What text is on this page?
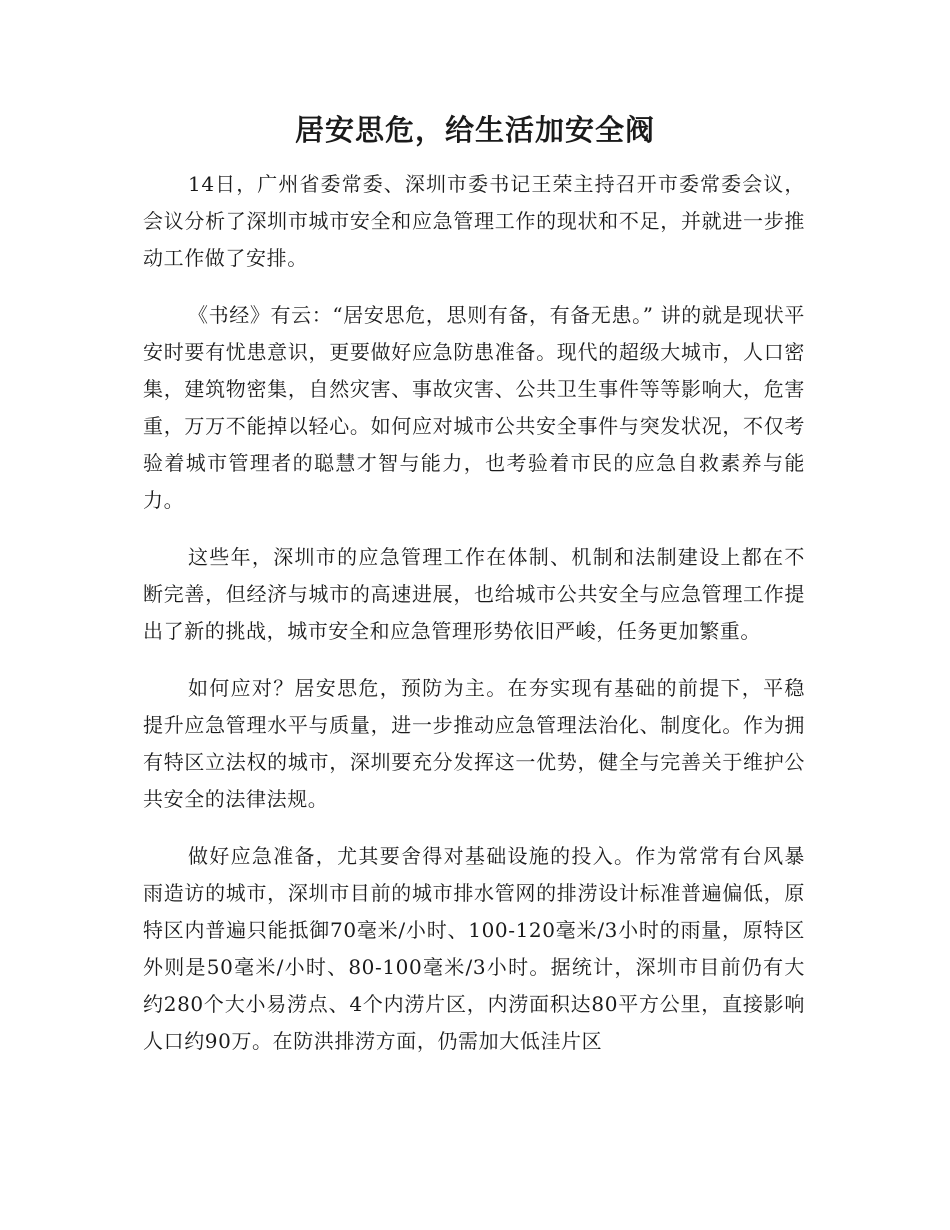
居安思危，给生活加安全阀

14日，广州省委常委、深圳市委书记王荣主持召开市委常委会议，会议分析了深圳市城市安全和应急管理工作的现状和不足，并就进一步推动工作做了安排。

《书经》有云：“居安思危，思则有备，有备无患。” 讲的就是现状平安时要有忧患意识，更要做好应急防患准备。现代的超级大城市，人口密集，建筑物密集，自然灾害、事故灾害、公共卫生事件等等影响大，危害重，万万不能掉以轻心。如何应对城市公共安全事件与突发状况，不仅考验着城市管理者的聪慧才智与能力，也考验着市民的应急自救素养与能力。

这些年，深圳市的应急管理工作在体制、机制和法制建设上都在不断完善，但经济与城市的高速进展，也给城市公共安全与应急管理工作提出了新的挑战，城市安全和应急管理形势依旧严峻，任务更加繁重。

如何应对？居安思危，预防为主。在夯实现有基础的前提下，平稳提升应急管理水平与质量，进一步推动应急管理法治化、制度化。作为拥有特区立法权的城市，深圳要充分发挥这一优势，健全与完善关于维护公共安全的法律法规。

做好应急准备，尤其要舍得对基础设施的投入。作为常常有台风暴雨造访的城市，深圳市目前的城市排水管网的排涝设计标准普遍偏低，原特区内普遍只能抵御70毫米/小时、100-120毫米/3小时的雨量，原特区外则是50毫米/小时、80-100毫米/3小时。据统计，深圳市目前仍有大约280个大小易涝点、4个内涝片区，内涝面积达80平方公里，直接影响人口约90万。在防洪排涝方面，仍需加大低洼片区
